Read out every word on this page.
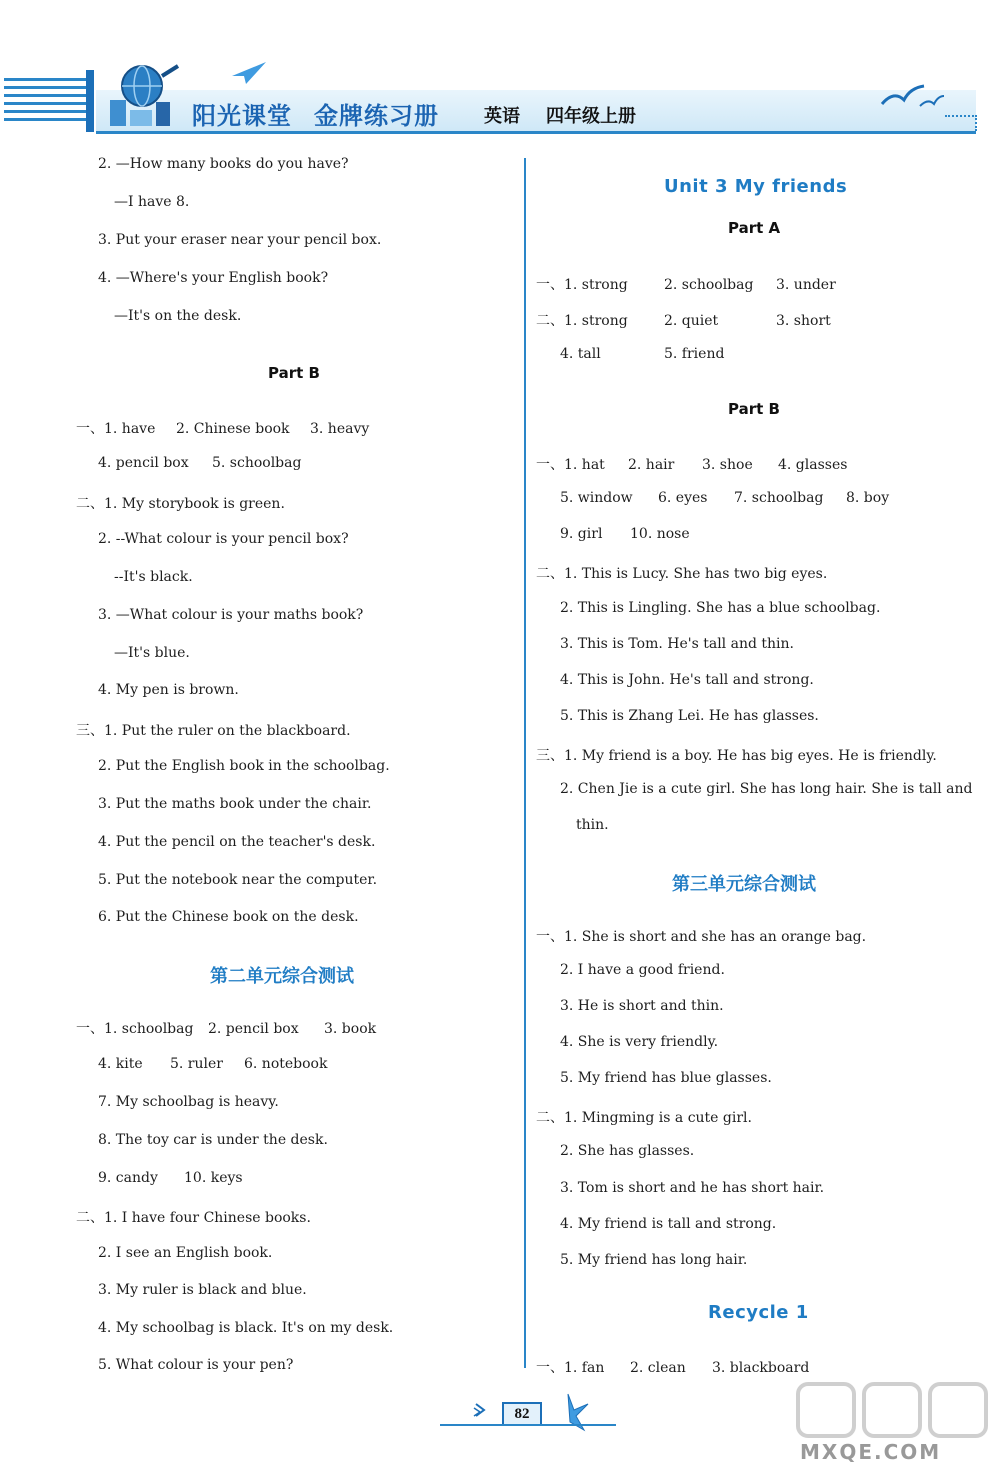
阳光课堂 金牌练习册	英语 四年级上册
2. —How many books do you have?
—I have 8.
3. Put your eraser near your pencil box.
4. —Where's your English book?
—It's on the desk.
Part B
一、1. have 2. Chinese book 3. heavy
4. pencil box 5. schoolbag
二、1. My storybook is green.
2. --What colour is your pencil box?
--It's black.
3. —What colour is your maths book?
—It's blue.
4. My pen is brown.
三、1. Put the ruler on the blackboard.
2. Put the English book in the schoolbag.
3. Put the maths book under the chair.
4. Put the pencil on the teacher's desk.
5. Put the notebook near the computer.
6. Put the Chinese book on the desk.
第二单元综合测试
一、1. schoolbag 2. pencil box 3. book
4. kite 5. ruler 6. notebook
7. My schoolbag is heavy.
8. The toy car is under the desk.
9. candy 10. keys
二、1. I have four Chinese books.
2. I see an English book.
3. My ruler is black and blue.
4. My schoolbag is black. It's on my desk.
5. What colour is your pen?
Unit 3 My friends
Part A
一、1. strong	2. schoolbag 3. under
二、1. strong	2. quiet	3. short
4. tall	5. friend
Part B
一、1. hat 2. hair 3. shoe 4. glasses
5. window 6. eyes 7. schoolbag 8. boy
9. girl 10. nose
二、1. This is Lucy. She has two big eyes.
2. This is Lingling. She has a blue schoolbag.
3. This is Tom. He's tall and thin.
4. This is John. He's tall and strong.
5. This is Zhang Lei. He has glasses.
三、1. My friend is a boy. He has big eyes. He is friendly.
2. Chen Jie is a cute girl. She has long hair. She is tall and
thin.
第三单元综合测试
一、1. She is short and she has an orange bag.
2. I have a good friend.
3. He is short and thin.
4. She is very friendly.
5. My friend has blue glasses.
二、1. Mingming is a cute girl.
2. She has glasses.
3. Tom is short and he has short hair.
4. My friend is tall and strong.
5. My friend has long hair.
Recycle 1
一、1. fan 2. clean 3. blackboard
82
MXQE.COM
